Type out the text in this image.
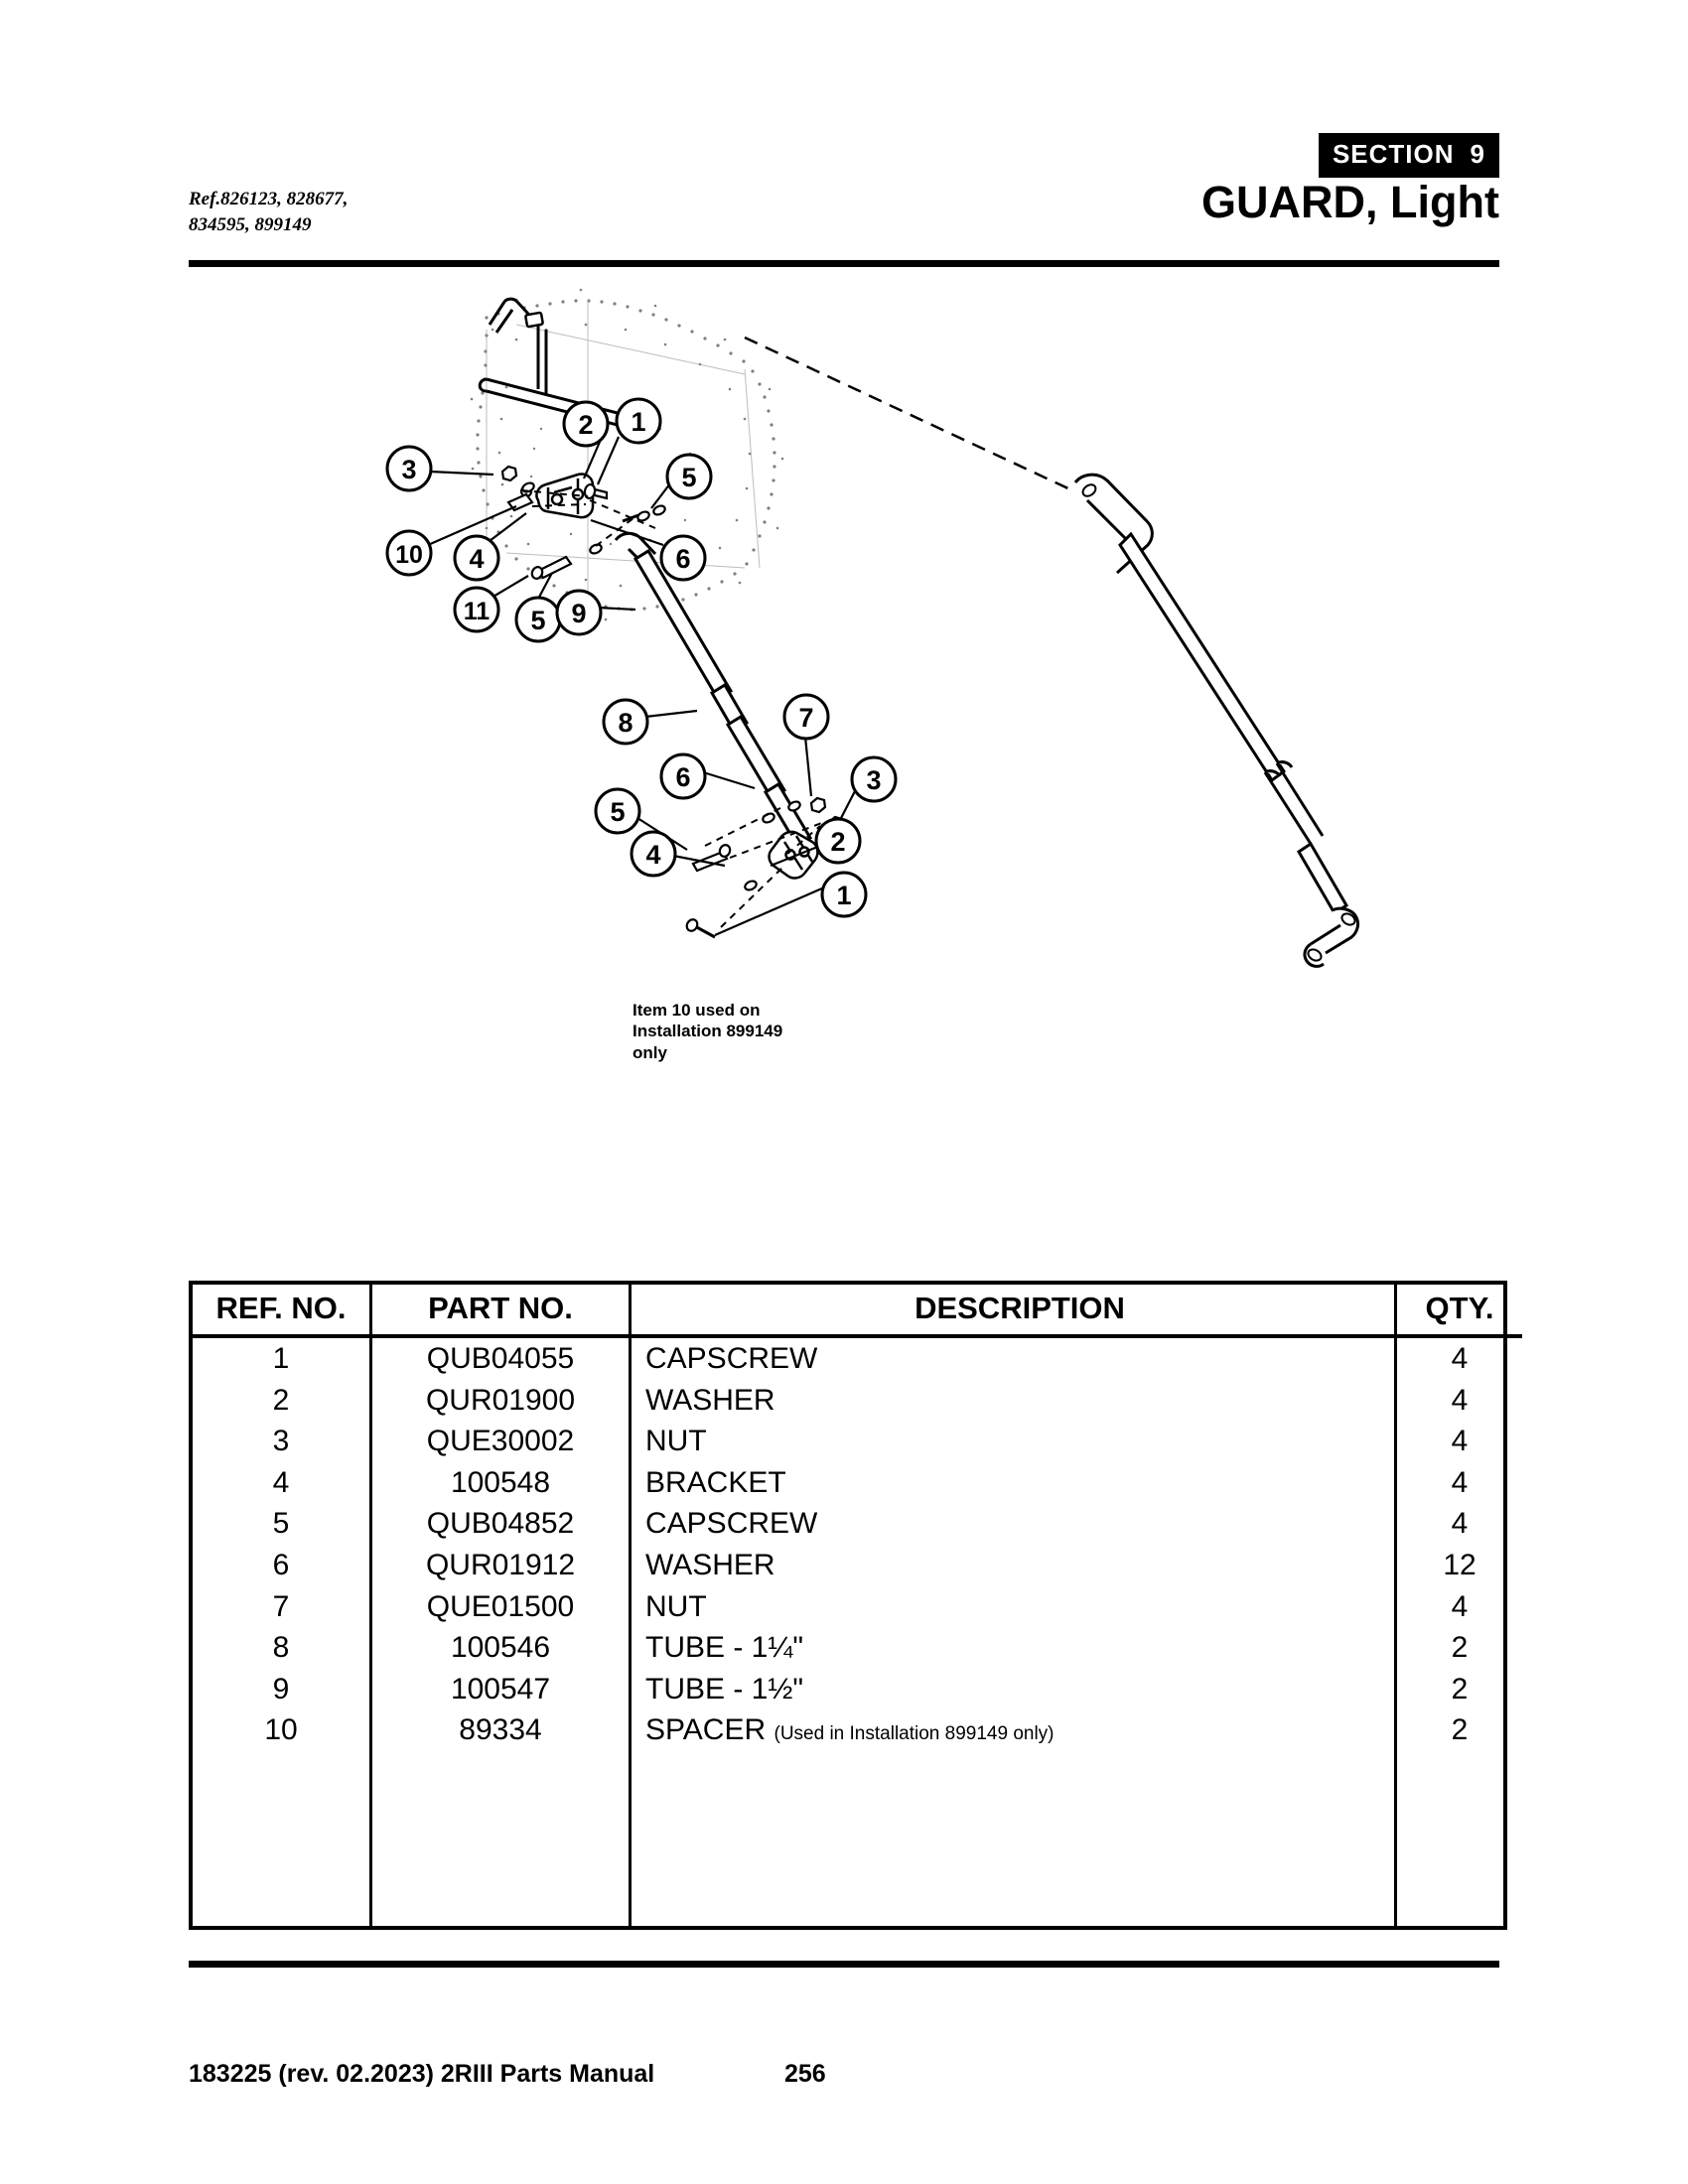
Ref.826123, 828677,
834595, 899149
SECTION 9
GUARD, Light
2 1
3
10 4
5
6
11 5 9
8
6
7
3
5
4	2
1
Item 10 used on Installation 899149 only
REF. NO.	PART NO.	DESCRIPTION	QTY.
1	QUB04055	CAPSCREW	4
2	QUR01900	WASHER	4
3	QUE30002	NUT	4
4	100548	BRACKET	4
5	QUB04852	CAPSCREW	4
6	QUR01912	WASHER	12
7	QUE01500	NUT	4
8	100546	TUBE - 1¼"	2
9	100547	TUBE - 1½"	2
10	89334	SPACER (Used in Installation 899149 only)	2

183225 (rev. 02.2023) 2RIII Parts Manual	256
